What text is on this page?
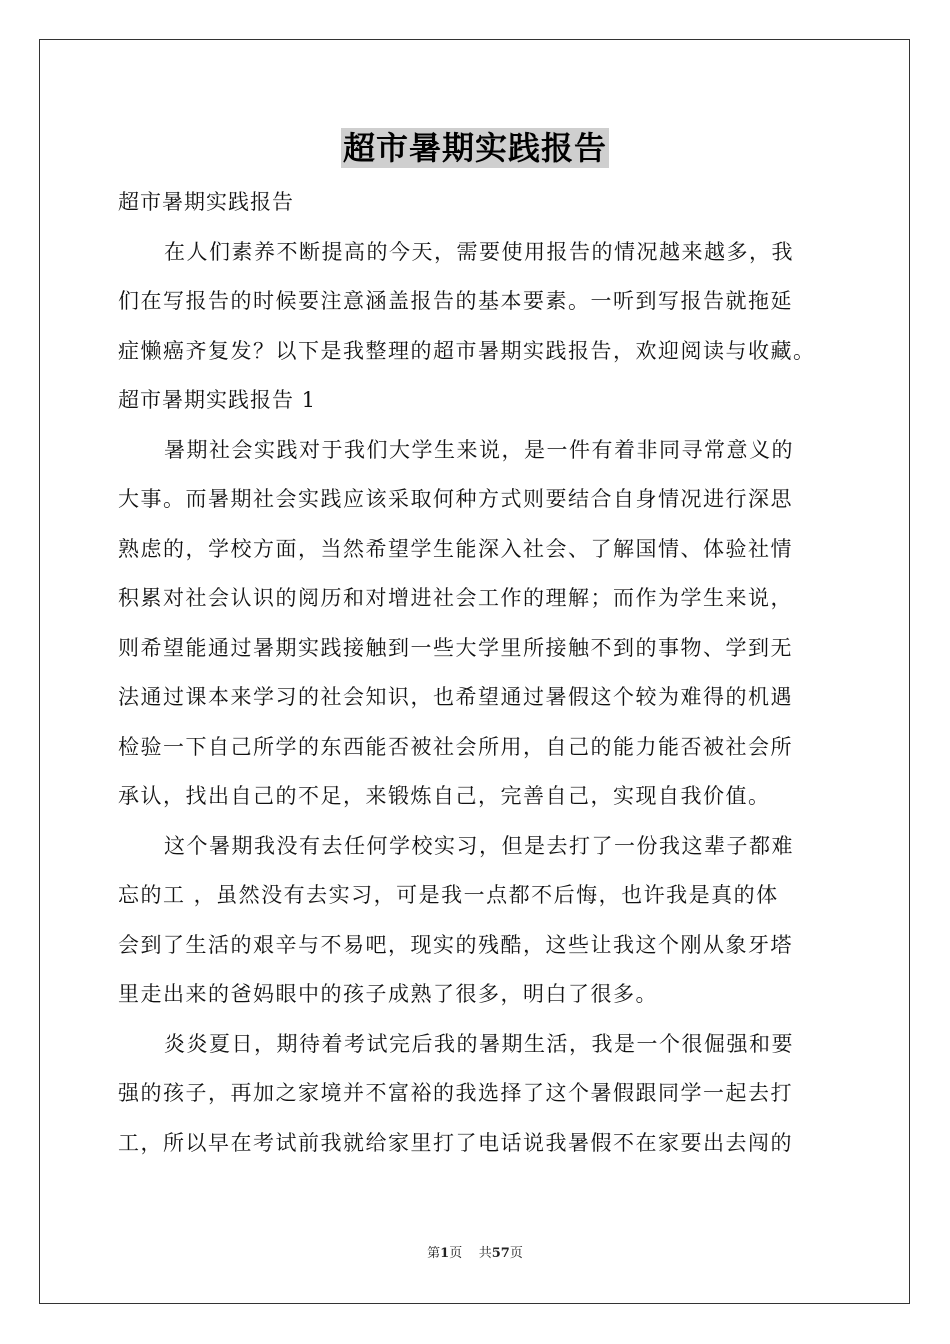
超市暑期实践报告
超市暑期实践报告
在人们素养不断提高的今天，需要使用报告的情况越来越多，我
们在写报告的时候要注意涵盖报告的基本要素。一听到写报告就拖延
症懒癌齐复发？以下是我整理的超市暑期实践报告，欢迎阅读与收藏。
超市暑期实践报告 1
暑期社会实践对于我们大学生来说，是一件有着非同寻常意义的
大事。而暑期社会实践应该采取何种方式则要结合自身情况进行深思
熟虑的，学校方面，当然希望学生能深入社会、了解国情、体验社情
积累对社会认识的阅历和对增进社会工作的理解；而作为学生来说，
则希望能通过暑期实践接触到一些大学里所接触不到的事物、学到无
法通过课本来学习的社会知识，也希望通过暑假这个较为难得的机遇
检验一下自己所学的东西能否被社会所用，自己的能力能否被社会所
承认，找出自己的不足，来锻炼自己，完善自己，实现自我价值。
这个暑期我没有去任何学校实习，但是去打了一份我这辈子都难
忘的工 ，虽然没有去实习，可是我一点都不后悔，也许我是真的体
会到了生活的艰辛与不易吧，现实的残酷，这些让我这个刚从象牙塔
里走出来的爸妈眼中的孩子成熟了很多，明白了很多。
炎炎夏日，期待着考试完后我的暑期生活，我是一个很倔强和要
强的孩子，再加之家境并不富裕的我选择了这个暑假跟同学一起去打
工，所以早在考试前我就给家里打了电话说我暑假不在家要出去闯的
第1页 共57页
